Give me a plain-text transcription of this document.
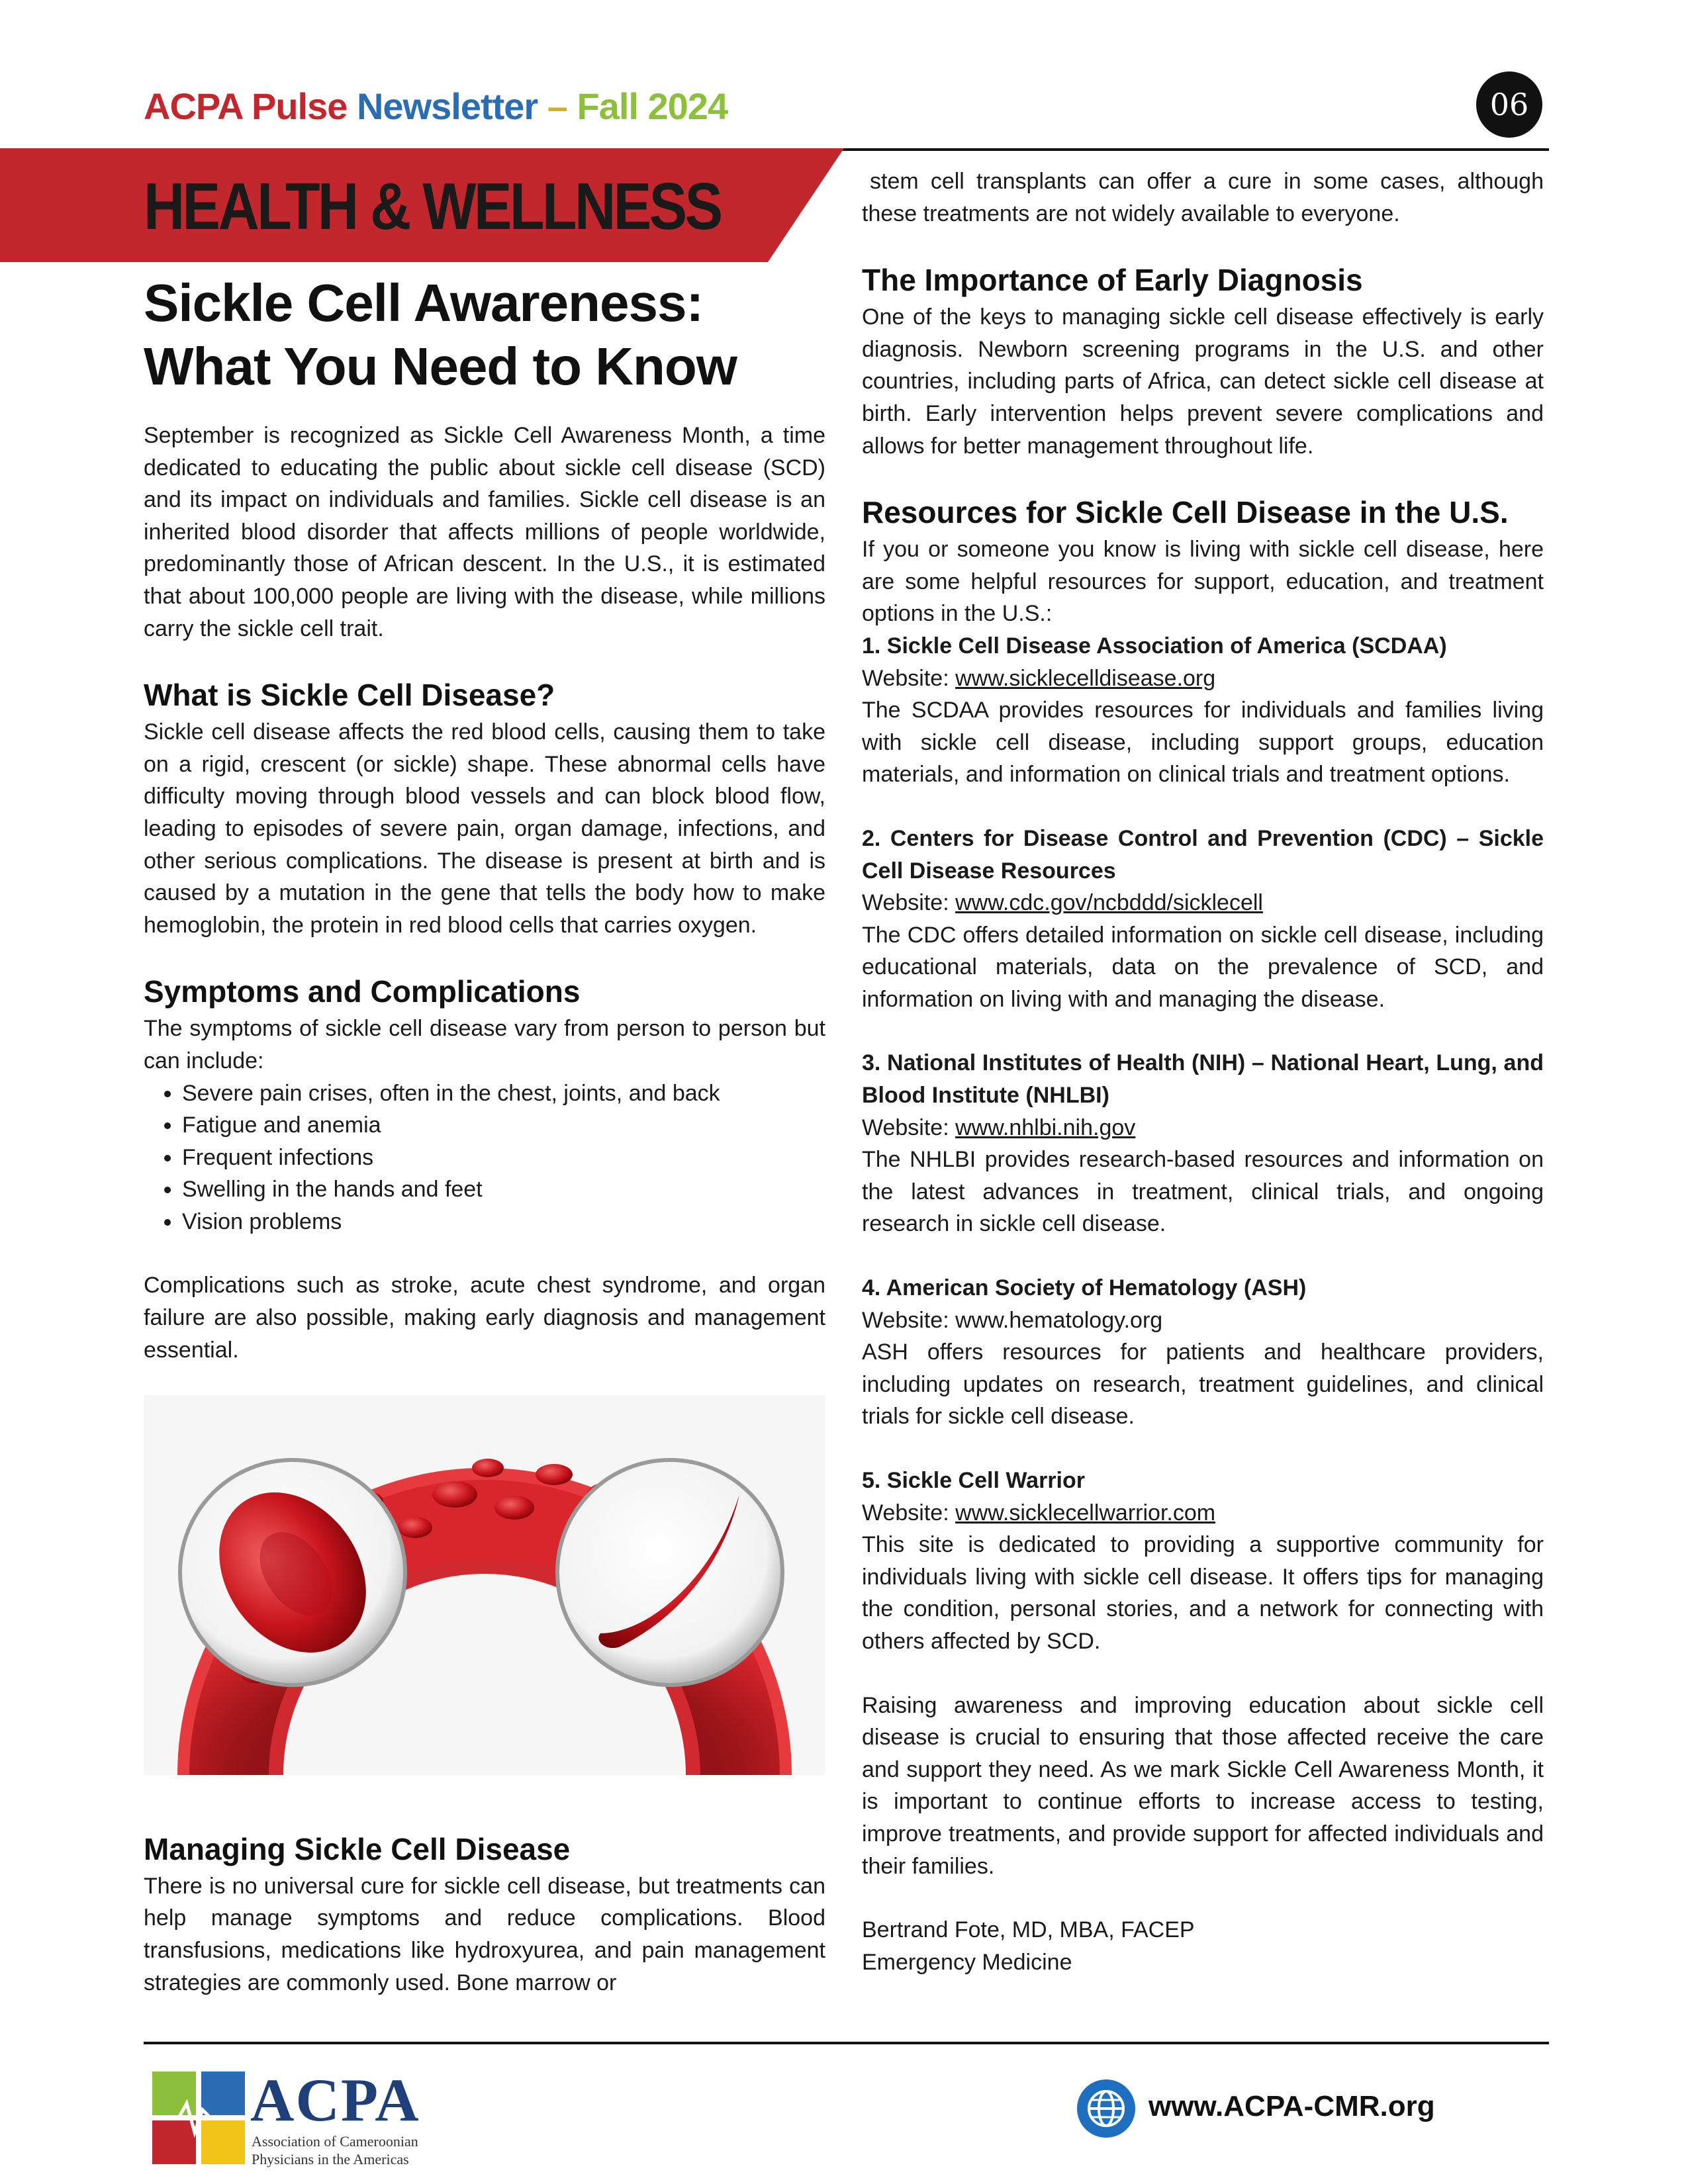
ACPA Pulse Newsletter – Fall 2024	06
HEALTH & WELLNESS
Sickle Cell Awareness:
What You Need to Know

September is recognized as Sickle Cell Awareness Month, a time dedicated to educating the public about sickle cell disease (SCD) and its impact on individuals and families. Sickle cell disease is an inherited blood disorder that affects millions of people worldwide, predominantly those of African descent. In the U.S., it is estimated that about 100,000 people are living with the disease, while millions carry the sickle cell trait.

What is Sickle Cell Disease?

Sickle cell disease affects the red blood cells, causing them to take on a rigid, crescent (or sickle) shape. These abnormal cells have difficulty moving through blood vessels and can block blood flow, leading to episodes of severe pain, organ damage, infections, and other serious complications. The disease is present at birth and is caused by a mutation in the gene that tells the body how to make hemoglobin, the protein in red blood cells that carries oxygen.

Symptoms and Complications

The symptoms of sickle cell disease vary from person to person but can include:

• Severe pain crises, often in the chest, joints, and back
• Fatigue and anemia
• Frequent infections
• Swelling in the hands and feet
• Vision problems

Complications such as stroke, acute chest syndrome, and organ failure are also possible, making early diagnosis and management essential.

Managing Sickle Cell Disease

There is no universal cure for sickle cell disease, but treatments can help manage symptoms and reduce complications. Blood transfusions, medications like hydroxyurea, and pain management strategies are commonly used. Bone marrow or

stem cell transplants can offer a cure in some cases, although these treatments are not widely available to everyone.

The Importance of Early Diagnosis

One of the keys to managing sickle cell disease effectively is early diagnosis. Newborn screening programs in the U.S. and other countries, including parts of Africa, can detect sickle cell disease at birth. Early intervention helps prevent severe complications and allows for better management throughout life.

Resources for Sickle Cell Disease in the U.S.

If you or someone you know is living with sickle cell disease, here are some helpful resources for support, education, and treatment options in the U.S.:

1. Sickle Cell Disease Association of America (SCDAA)
Website: www.sicklecelldisease.org

The SCDAA provides resources for individuals and families living with sickle cell disease, including support groups, education materials, and information on clinical trials and treatment options.

2. Centers for Disease Control and Prevention (CDC) – Sickle Cell Disease Resources
Website: www.cdc.gov/ncbddd/sicklecell

The CDC offers detailed information on sickle cell disease, including educational materials, data on the prevalence of SCD, and information on living with and managing the disease.

3. National Institutes of Health (NIH) – National Heart, Lung, and Blood Institute (NHLBI)
Website: www.nhlbi.nih.gov

The NHLBI provides research-based resources and information on the latest advances in treatment, clinical trials, and ongoing research in sickle cell disease.

4. American Society of Hematology (ASH)
Website: www.hematology.org

ASH offers resources for patients and healthcare providers, including updates on research, treatment guidelines, and clinical trials for sickle cell disease.

5. Sickle Cell Warrior
Website: www.sicklecellwarrior.com

This site is dedicated to providing a supportive community for individuals living with sickle cell disease. It offers tips for managing the condition, personal stories, and a network for connecting with others affected by SCD.

Raising awareness and improving education about sickle cell disease is crucial to ensuring that those affected receive the care and support they need. As we mark Sickle Cell Awareness Month, it is important to continue efforts to increase access to testing, improve treatments, and provide support for affected individuals and their families.

Bertrand Fote, MD, MBA, FACEP
Emergency Medicine
ACPA
Association of Cameroonian
Physicians in the Americas
www.ACPA-CMR.org
